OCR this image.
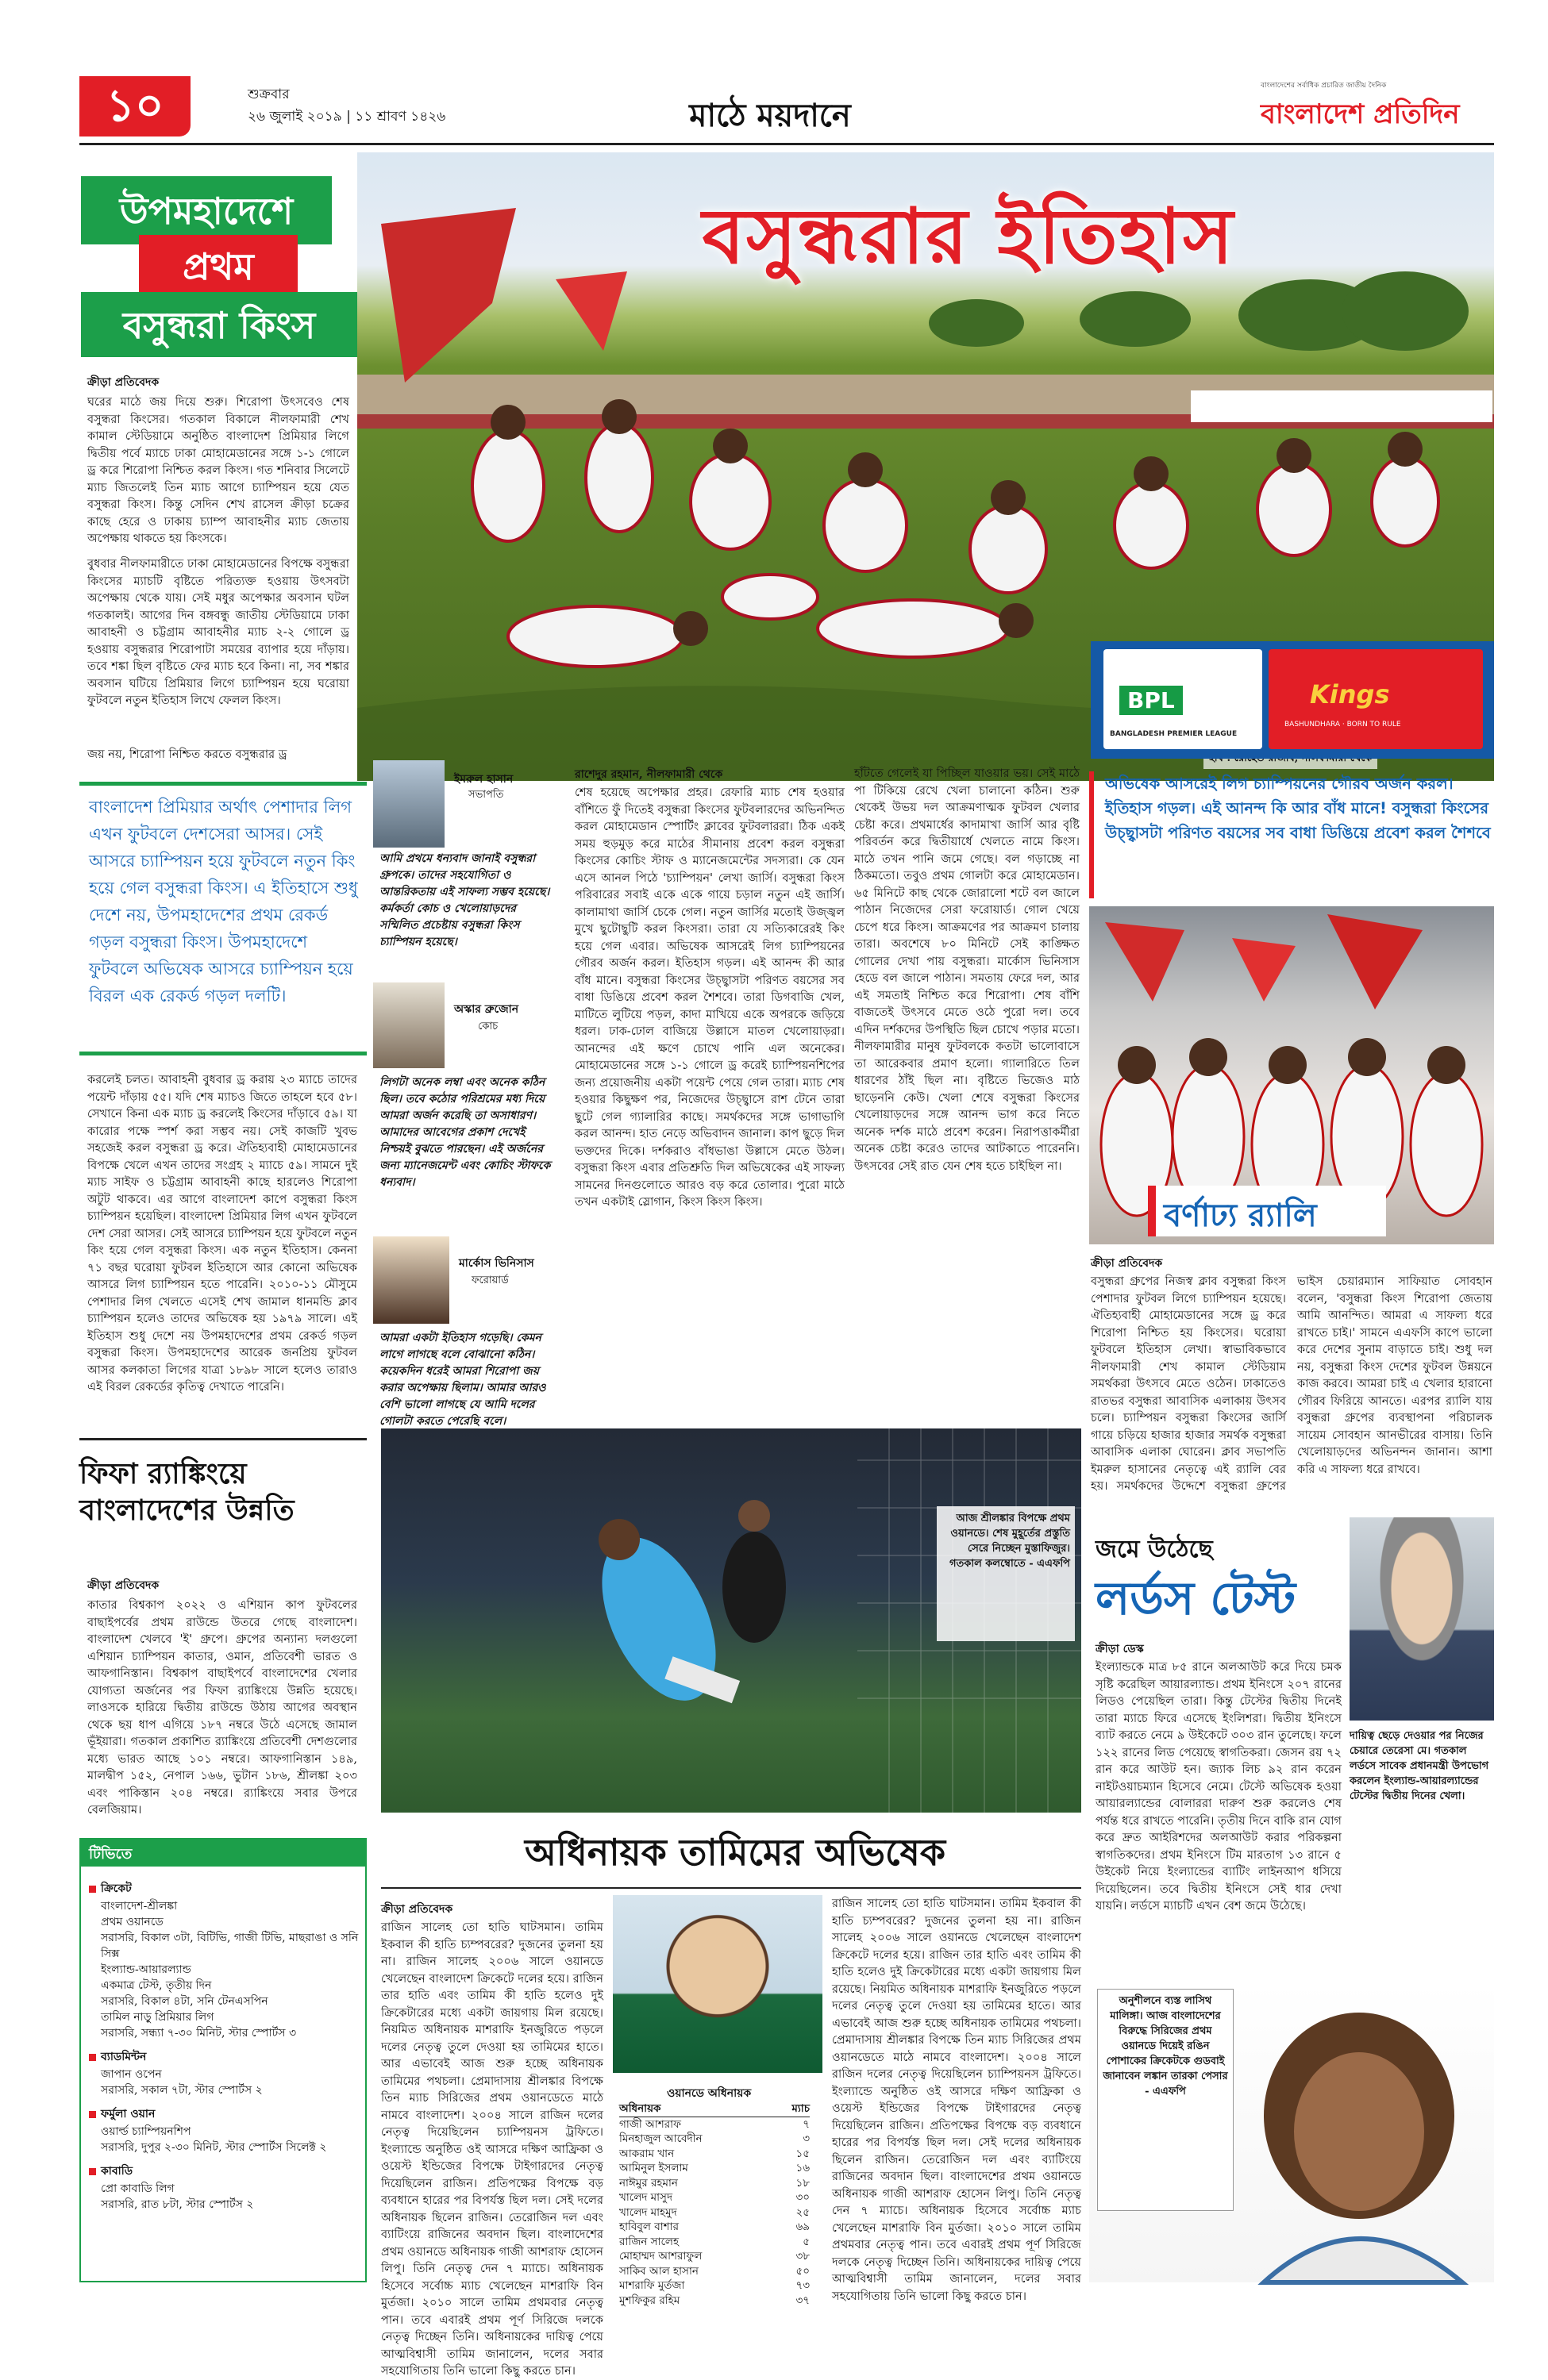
১০	শুক্রবার
২৬ জুলাই ২০১৯ | ১১ শ্রাবণ ১৪২৬	মাঠে ময়দানে
বাংলাদেশের সর্বাধিক প্রচারিত জাতীয় দৈনিক
বাংলাদেশ প্রতিদিন
বসুন্ধরার ইতিহাস
উপমহাদেশে
প্রথম
বসুন্ধরা কিংস
ক্রীড়া প্রতিবেদক
ঘরের মাঠে জয় দিয়ে শুরু। শিরোপা উৎসবেও শেষ বসুন্ধরা কিংসের। গতকাল বিকালে নীলফামারী শেখ কামাল স্টেডিয়ামে অনুষ্ঠিত বাংলাদেশ প্রিমিয়ার লিগে দ্বিতীয় পর্বে ম্যাচে ঢাকা মোহামেডানের সঙ্গে ১-১ গোলে ড্র করে শিরোপা নিশ্চিত করল কিংস। গত শনিবার সিলেটে ম্যাচ জিতলেই তিন ম্যাচ আগে চ্যাম্পিয়ন হয়ে যেত বসুন্ধরা কিংস। কিন্তু সেদিন শেখ রাসেল ক্রীড়া চক্রের কাছে হেরে ও ঢাকায় চ্যাম্প আবাহনীর ম্যাচ জেতায় অপেক্ষায় থাকতে হয় কিংসকে।
বুধবার নীলফামারীতে ঢাকা মোহামেডানের বিপক্ষে বসুন্ধরা কিংসের ম্যাচটি বৃষ্টিতে পরিত্যক্ত হওয়ায় উৎসবটা অপেক্ষায় থেকে যায়। সেই মধুর অপেক্ষার অবসান ঘটল গতকালই। আগের দিন বঙ্গবন্ধু জাতীয় স্টেডিয়ামে ঢাকা আবাহনী ও চট্টগ্রাম আবাহনীর ম্যাচ ২-২ গোলে ড্র হওয়ায় বসুন্ধরার শিরোপাটা সময়ের ব্যাপার হয়ে দাঁড়ায়। তবে শঙ্কা ছিল বৃষ্টিতে ফের ম্যাচ হবে কিনা। না, সব শঙ্কার অবসান ঘটিয়ে প্রিমিয়ার লিগে চ্যাম্পিয়ন হয়ে ঘরোয়া ফুটবলে নতুন ইতিহাস লিখে ফেলল কিংস।
জয় নয়, শিরোপা নিশ্চিত করতে বসুন্ধরার ড্র
বাংলাদেশ প্রিমিয়ার অর্থাৎ পেশাদার লিগ এখন ফুটবলে দেশসেরা আসর। সেই আসরে চ্যাম্পিয়ন হয়ে ফুটবলে নতুন কিং হয়ে গেল বসুন্ধরা কিংস। এ ইতিহাসে শুধু দেশে নয়, উপমহাদেশের প্রথম রেকর্ড গড়ল বসুন্ধরা কিংস। উপমহাদেশে ফুটবলে অভিষেক আসরে চ্যাম্পিয়ন হয়ে বিরল এক রেকর্ড গড়ল দলটি।
করলেই চলত। আবাহনী বুধবার ড্র করায় ২৩ ম্যাচে তাদের পয়েন্ট দাঁড়ায় ৫৫। যদি শেষ ম্যাচও জিতে তাহলে হবে ৫৮। সেখানে কিনা এক ম্যাচ ড্র করলেই কিংসের দাঁড়াবে ৫৯। যা কারোর পক্ষে স্পর্শ করা সম্ভব নয়। সেই কাজটি খুবভ সহজেই করল বসুন্ধরা ড্র করে। ঐতিহ্যবাহী মোহামেডানের বিপক্ষে খেলে এখন তাদের সংগ্রহ ২ ম্যাচে ৫৯। সামনে দুই ম্যাচ সাইফ ও চট্টগ্রাম আবাহনী কাছে হারলেও শিরোপা অটুট থাকবে। এর আগে বাংলাদেশ কাপে বসুন্ধরা কিংস চ্যাম্পিয়ন হয়েছিল। বাংলাদেশ প্রিমিয়ার লিগ এখন ফুটবলে দেশ সেরা আসর। সেই আসরে চ্যাম্পিয়ন হয়ে ফুটবলে নতুন কিং হয়ে গেল বসুন্ধরা কিংস। এক নতুন ইতিহাস। কেননা ৭১ বছর ঘরোয়া ফুটবল ইতিহাসে আর কোনো অভিষেক আসরে লিগ চ্যাম্পিয়ন হতে পারেনি। ২০১০-১১ মৌসুমে পেশাদার লিগ খেলতে এসেই শেখ জামাল ধানমন্ডি ক্লাব চ্যাম্পিয়ন হলেও তাদের অভিষেক হয় ১৯৭৯ সালে। এই ইতিহাস শুধু দেশে নয় উপমহাদেশের প্রথম রেকর্ড গড়ল বসুন্ধরা কিংস। উপমহাদেশের আরেক জনপ্রিয় ফুটবল আসর কলকাতা লিগের যাত্রা ১৮৯৮ সালে হলেও তারাও এই বিরল রেকর্ডের কৃতিত্ব দেখাতে পারেনি।
ইমরুল হাসান
সভাপতি
আমি প্রথমে ধন্যবাদ জানাই বসুন্ধরা গ্রুপকে। তাদের সহযোগিতা ও আন্তরিকতায় এই সাফল্য সম্ভব হয়েছে। কর্মকর্তা কোচ ও খেলোয়াড়দের সম্মিলিত প্রচেষ্টায় বসুন্ধরা কিংস চ্যাম্পিয়ন হয়েছে।
অস্কার ব্রুজোন
কোচ
লিগটা অনেক লম্বা এবং অনেক কঠিন ছিল। তবে কঠোর পরিশ্রমের মধ্য দিয়ে আমরা অর্জন করেছি তা অসাধারণ। আমাদের আবেগের প্রকাশ দেখেই নিশ্চয়ই বুঝতে পারছেন। এই অর্জনের জন্য ম্যানেজমেন্ট এবং কোচিং স্টাফকে ধন্যবাদ।
মার্কোস ভিনিসাস
ফরোয়ার্ড
আমরা একটা ইতিহাস গড়েছি। কেমন লাগে লাগছে বলে বোঝানো কঠিন। কয়েকদিন ধরেই আমরা শিরোপা জয় করার অপেক্ষায় ছিলাম। আমার আরও বেশি ভালো লাগছে যে আমি দলের গোলটা করতে পেরেছি বলে।
রাশেদুর রহমান, নীলফামারী থেকে
শেষ হয়েছে অপেক্ষার প্রহর। রেফারি ম্যাচ শেষ হওয়ার বাঁশিতে ফুঁ দিতেই বসুন্ধরা কিংসের ফুটবলারদের অভিনন্দিত করল মোহামেডান স্পোর্টিং ক্লাবের ফুটবলাররা। ঠিক একই সময় হুড়মুড় করে মাঠের সীমানায় প্রবেশ করল বসুন্ধরা কিংসের কোচিং স্টাফ ও ম্যানেজমেন্টের সদস্যরা। কে যেন এসে আনল পিঠে 'চ্যাম্পিয়ন' লেখা জার্সি। বসুন্ধরা কিংস পরিবারের সবাই একে একে গায়ে চড়াল নতুন এই জার্সি। কালামাথা জার্সি চেকে গেল। নতুন জার্সির মতোই উজ্জ্বল মুখে ছুটোছুটি করল কিংসরা। তারা যে সত্যিকারেরই কিং হয়ে গেল এবার। অভিষেক আসরেই লিগ চ্যাম্পিয়নের গৌরব অর্জন করল। ইতিহাস গড়ল। এই আনন্দ কী আর বাঁধ মানে। বসুন্ধরা কিংসের উচ্ছ্বাসটা পরিণত বয়সের সব বাধা ডিঙিয়ে প্রবেশ করল শৈশবে। তারা ডিগবাজি খেল, মাটিতে লুটিয়ে পড়ল, কাদা মাখিয়ে একে অপরকে জড়িয়ে ধরল। ঢাক-ঢোল বাজিয়ে উল্লাসে মাতল খেলোয়াড়রা। আনন্দের এই ক্ষণে চোখে পানি এল অনেকের। মোহামেডানের সঙ্গে ১-১ গোলে ড্র করেই চ্যাম্পিয়নশিপের জন্য প্রয়োজনীয় একটা পয়েন্ট পেয়ে গেল তারা। ম্যাচ শেষ হওয়ার কিছুক্ষণ পর, নিজেদের উচ্ছ্বাসে রাশ টেনে তারা ছুটে গেল গ্যালারির কাছে। সমর্থকদের সঙ্গে ভাগাভাগি করল আনন্দ। হাত নেড়ে অভিবাদন জানাল। কাপ ছুড়ে দিল ভক্তদের দিকে। দর্শকরাও বাঁধভাঙা উল্লাসে মেতে উঠল। বসুন্ধরা কিংস এবার প্রতিশ্রুতি দিল অভিষেকের এই সাফল্য সামনের দিনগুলোতে আরও বড় করে তোলার। পুরো মাঠে তখন একটাই স্লোগান, কিংস কিংস কিংস।
হাঁটতে গেলেই যা পিচ্ছিল যাওয়ার ভয়। সেই মাঠে পা টিকিয়ে রেখে খেলা চালানো কঠিন। শুরু থেকেই উভয় দল আক্রমণাত্মক ফুটবল খেলার চেষ্টা করে। প্রথমার্ধের কাদামাখা জার্সি আর বৃষ্টি পরিবর্তন করে দ্বিতীয়ার্ধে খেলতে নামে কিংস। মাঠে তখন পানি জমে গেছে। বল গড়াচ্ছে না ঠিকমতো। তবুও প্রথম গোলটা করে মোহামেডান। ৬৫ মিনিটে কাছ থেকে জোরালো শটে বল জালে পাঠান নিজেদের সেরা ফরোয়ার্ড। গোল খেয়ে চেপে ধরে কিংস। আক্রমণের পর আক্রমণ চালায় তারা। অবশেষে ৮০ মিনিটে সেই কাঙ্ক্ষিত গোলের দেখা পায় বসুন্ধরা। মার্কোস ভিনিসাস হেডে বল জালে পাঠান। সমতায় ফেরে দল, আর এই সমতাই নিশ্চিত করে শিরোপা। শেষ বাঁশি বাজতেই উৎসবে মেতে ওঠে পুরো দল। তবে এদিন দর্শকদের উপস্থিতি ছিল চোখে পড়ার মতো। নীলফামারীর মানুষ ফুটবলকে কতটা ভালোবাসে তা আরেকবার প্রমাণ হলো। গ্যালারিতে তিল ধারণের ঠাঁই ছিল না। বৃষ্টিতে ভিজেও মাঠ ছাড়েননি কেউ। খেলা শেষে বসুন্ধরা কিংসের খেলোয়াড়দের সঙ্গে আনন্দ ভাগ করে নিতে অনেক দর্শক মাঠে প্রবেশ করেন। নিরাপত্তাকর্মীরা অনেক চেষ্টা করেও তাদের আটকাতে পারেননি। উৎসবের সেই রাত যেন শেষ হতে চাইছিল না।
BPL
BANGLADESH PREMIER LEAGUE
Kings
BASHUNDHARA · BORN TO RULE
অভিষেক আসরেই লিগ চ্যাম্পিয়নের গৌরব অর্জন করল। ইতিহাস গড়ল। এই আনন্দ কি আর বাঁধ মানে! বসুন্ধরা কিংসের উচ্ছ্বাসটা পরিণত বয়সের সব বাধা ডিঙিয়ে প্রবেশ করল শৈশবে
বর্ণাঢ্য র‍্যালি
ক্রীড়া প্রতিবেদক
বসুন্ধরা গ্রুপের নিজস্ব ক্লাব বসুন্ধরা কিংস পেশাদার ফুটবল লিগে চ্যাম্পিয়ন হয়েছে। ঐতিহ্যবাহী মোহামেডানের সঙ্গে ড্র করে শিরোপা নিশ্চিত হয় কিংসের। ঘরোয়া ফুটবলে ইতিহাস লেখা। স্বাভাবিকভাবে নীলফামারী শেখ কামাল স্টেডিয়াম সমর্থকরা উৎসবে মেতে ওঠেন। ঢাকাতেও রাতভর বসুন্ধরা আবাসিক এলাকায় উৎসব চলে। চ্যাম্পিয়ন বসুন্ধরা কিংসের জার্সি গায়ে চড়িয়ে হাজার হাজার সমর্থক বসুন্ধরা আবাসিক এলাকা ঘোরেন। ক্লাব সভাপতি ইমরুল হাসানের নেতৃত্বে এই র‍্যালি বের হয়। সমর্থকদের উদ্দেশে বসুন্ধরা গ্রুপের ভাইস চেয়ারম্যান সাফিয়াত সোবহান বলেন, 'বসুন্ধরা কিংস শিরোপা জেতায় আমি আনন্দিত। আমরা এ সাফল্য ধরে রাখতে চাই।' সামনে এএফসি কাপে ভালো করে দেশের সুনাম বাড়াতে চাই। শুধু দল নয়, বসুন্ধরা কিংস দেশের ফুটবল উন্নয়নে কাজ করবে। আমরা চাই এ খেলার হারানো গৌরব ফিরিয়ে আনতে। এরপর র‍্যালি যায় বসুন্ধরা গ্রুপের ব্যবস্থাপনা পরিচালক সায়েম সোবহান আনভীরের বাসায়। তিনি খেলোয়াড়দের অভিনন্দন জানান। আশা করি এ সাফল্য ধরে রাখবে।
ফিফা র‍্যাঙ্কিংয়ে বাংলাদেশের উন্নতি
ক্রীড়া প্রতিবেদক
কাতার বিশ্বকাপ ২০২২ ও এশিয়ান কাপ ফুটবলের বাছাইপর্বের প্রথম রাউন্ডে উতরে গেছে বাংলাদেশ। বাংলাদেশ খেলবে 'ই' গ্রুপে। গ্রুপের অন্যান্য দলগুলো এশিয়ান চ্যাম্পিয়ন কাতার, ওমান, প্রতিবেশী ভারত ও আফগানিস্তান। বিশ্বকাপ বাছাইপর্বে বাংলাদেশের খেলার যোগ্যতা অর্জনের পর ফিফা র‍্যাঙ্কিংয়ে উন্নতি হয়েছে। লাওসকে হারিয়ে দ্বিতীয় রাউন্ডে উঠায় আগের অবস্থান থেকে ছয় ধাপ এগিয়ে ১৮৭ নম্বরে উঠে এসেছে জামাল ভূঁইয়ারা। গতকাল প্রকাশিত র‍্যাঙ্কিংয়ে প্রতিবেশী দেশগুলোর মধ্যে ভারত আছে ১০১ নম্বরে। আফগানিস্তান ১৪৯, মালদ্বীপ ১৫২, নেপাল ১৬৬, ভুটান ১৮৬, শ্রীলঙ্কা ২০৩ এবং পাকিস্তান ২০৪ নম্বরে। র‍্যাঙ্কিংয়ে সবার উপরে বেলজিয়াম।
টিভিতে
ক্রিকেট
বাংলাদেশ-শ্রীলঙ্কা
প্রথম ওয়ানডে
সরাসরি, বিকাল ৩টা, বিটিভি, গাজী টিভি, মাছরাঙা ও সনি সিক্স
ইংল্যান্ড-আয়ারল্যান্ড
একমাত্র টেস্ট, তৃতীয় দিন
সরাসরি, বিকাল ৪টা, সনি টেনএসপিন
তামিল নাড়ু প্রিমিয়ার লিগ
সরাসরি, সন্ধ্যা ৭-৩০ মিনিট, স্টার স্পোর্টস ৩
ব্যাডমিন্টন
জাপান ওপেন
সরাসরি, সকাল ৭টা, স্টার স্পোর্টস ২
ফর্মুলা ওয়ান
ওয়ার্ল্ড চ্যাম্পিয়নশিপ
সরাসরি, দুপুর ২-৩০ মিনিট, স্টার স্পোর্টস সিলেক্ট ২
কাবাডি
প্রো কাবাডি লিগ
সরাসরি, রাত ৮টা, স্টার স্পোর্টস ২
আজ শ্রীলঙ্কার বিপক্ষে প্রথম ওয়ানডে। শেষ মুহূর্তের প্রস্তুতি সেরে নিচ্ছেন মুস্তাফিজুর। গতকাল কলম্বোতে - এএফপি
অধিনায়ক তামিমের অভিষেক
ক্রীড়া প্রতিবেদক
রাজিন সালেহ তো হাতি ঘাটসমান। তামিম ইকবাল কী হাতি চ্যম্পবরের? দুজনের তুলনা হয় না। রাজিন সালেহ ২০০৬ সালে ওয়ানডে খেলেছেন বাংলাদেশ ক্রিকেটে দলের হয়ে। রাজিন তার হাতি এবং তামিম কী হাতি হলেও দুই ক্রিকেটারের মধ্যে একটা জায়গায় মিল রয়েছে। নিয়মিত অধিনায়ক মাশরাফি ইনজুরিতে পড়লে দলের নেতৃত্ব তুলে দেওয়া হয় তামিমের হাতে। আর এভাবেই আজ শুরু হচ্ছে অধিনায়ক তামিমের পথচলা। প্রেমাদাসায় শ্রীলঙ্কার বিপক্ষে তিন ম্যাচ সিরিজের প্রথম ওয়ানডেতে মাঠে নামবে বাংলাদেশ। ২০০৪ সালে রাজিন দলের নেতৃত্ব দিয়েছিলেন চ্যাম্পিয়নস ট্রফিতে। ইংল্যান্ডে অনুষ্ঠিত ওই আসরে দক্ষিণ আফ্রিকা ও ওয়েস্ট ইন্ডিজের বিপক্ষে টাইগারদের নেতৃত্ব দিয়েছিলেন রাজিন। প্রতিপক্ষের বিপক্ষে বড় ব্যবধানে হারের পর বিপর্যস্ত ছিল দল। সেই দলের অধিনায়ক ছিলেন রাজিন। তেরোজিন দল এবং ব্যাটিংয়ে রাজিনের অবদান ছিল। বাংলাদেশের প্রথম ওয়ানডে অধিনায়ক গাজী আশরাফ হোসেন লিপু। তিনি নেতৃত্ব দেন ৭ ম্যাচে। অধিনায়ক হিসেবে সর্বোচ্চ ম্যাচ খেলেছেন মাশরাফি বিন মুর্তজা। ২০১০ সালে তামিম প্রথমবার নেতৃত্ব পান। তবে এবারই প্রথম পূর্ণ সিরিজে দলকে নেতৃত্ব দিচ্ছেন তিনি। অধিনায়কের দায়িত্ব পেয়ে আত্মবিশ্বাসী তামিম জানালেন, দলের সবার সহযোগিতায় তিনি ভালো কিছু করতে চান।
ওয়ানডে অধিনায়ক
অধিনায়ক	ম্যাচ
গাজী আশরাফ	৭
মিনহাজুল আবেদীন	৩
আকরাম খান	১৫
আমিনুল ইসলাম	১৬
নাঈমুর রহমান	১৮
খালেদ মাসুদ	৩০
খালেদ মাহমুদ	২৫
হাবিবুল বাশার	৬৯
রাজিন সালেহ	৫
মোহাম্মদ আশরাফুল	৩৮
সাকিব আল হাসান	৫০
মাশরাফি মুর্তজা	৭৩
মুশফিকুর রহিম	৩৭
রাজিন সালেহ তো হাতি ঘাটসমান। তামিম ইকবাল কী হাতি চ্যম্পবরের? দুজনের তুলনা হয় না। রাজিন সালেহ ২০০৬ সালে ওয়ানডে খেলেছেন বাংলাদেশ ক্রিকেটে দলের হয়ে। রাজিন তার হাতি এবং তামিম কী হাতি হলেও দুই ক্রিকেটারের মধ্যে একটা জায়গায় মিল রয়েছে। নিয়মিত অধিনায়ক মাশরাফি ইনজুরিতে পড়লে দলের নেতৃত্ব তুলে দেওয়া হয় তামিমের হাতে। আর এভাবেই আজ শুরু হচ্ছে অধিনায়ক তামিমের পথচলা। প্রেমাদাসায় শ্রীলঙ্কার বিপক্ষে তিন ম্যাচ সিরিজের প্রথম ওয়ানডেতে মাঠে নামবে বাংলাদেশ। ২০০৪ সালে রাজিন দলের নেতৃত্ব দিয়েছিলেন চ্যাম্পিয়নস ট্রফিতে। ইংল্যান্ডে অনুষ্ঠিত ওই আসরে দক্ষিণ আফ্রিকা ও ওয়েস্ট ইন্ডিজের বিপক্ষে টাইগারদের নেতৃত্ব দিয়েছিলেন রাজিন। প্রতিপক্ষের বিপক্ষে বড় ব্যবধানে হারের পর বিপর্যস্ত ছিল দল। সেই দলের অধিনায়ক ছিলেন রাজিন। তেরোজিন দল এবং ব্যাটিংয়ে রাজিনের অবদান ছিল। বাংলাদেশের প্রথম ওয়ানডে অধিনায়ক গাজী আশরাফ হোসেন লিপু। তিনি নেতৃত্ব দেন ৭ ম্যাচে। অধিনায়ক হিসেবে সর্বোচ্চ ম্যাচ খেলেছেন মাশরাফি বিন মুর্তজা। ২০১০ সালে তামিম প্রথমবার নেতৃত্ব পান। তবে এবারই প্রথম পূর্ণ সিরিজে দলকে নেতৃত্ব দিচ্ছেন তিনি। অধিনায়কের দায়িত্ব পেয়ে আত্মবিশ্বাসী তামিম জানালেন, দলের সবার সহযোগিতায় তিনি ভালো কিছু করতে চান।
জমে উঠেছে
লর্ডস টেস্ট
ক্রীড়া ডেস্ক
ইংল্যান্ডকে মাত্র ৮৫ রানে অলআউট করে দিয়ে চমক সৃষ্টি করেছিল আয়ারল্যান্ড। প্রথম ইনিংসে ২০৭ রানের লিডও পেয়েছিল তারা। কিন্তু টেস্টের দ্বিতীয় দিনেই তারা ম্যাচে ফিরে এসেছে ইংলিশরা। দ্বিতীয় ইনিংসে ব্যাট করতে নেমে ৯ উইকেটে ৩০৩ রান তুলেছে। ফলে ১২২ রানের লিড পেয়েছে স্বাগতিকরা। জেসন রয় ৭২ রান করে আউট হন। জ্যাক লিচ ৯২ রান করেন নাইটওয়াচম্যান হিসেবে নেমে। টেস্টে অভিষেক হওয়া আয়ারল্যান্ডের বোলাররা দারুণ শুরু করলেও শেষ পর্যন্ত ধরে রাখতে পারেনি। তৃতীয় দিনে বাকি রান যোগ করে দ্রুত আইরিশদের অলআউট করার পরিকল্পনা স্বাগতিকদের। প্রথম ইনিংসে টিম মারতাগ ১৩ রানে ৫ উইকেট নিয়ে ইংল্যান্ডের ব্যাটিং লাইনআপ ধসিয়ে দিয়েছিলেন। তবে দ্বিতীয় ইনিংসে সেই ধার দেখা যায়নি। লর্ডসে ম্যাচটি এখন বেশ জমে উঠেছে।
দায়িত্ব ছেড়ে দেওয়ার পর নিজের চেয়ারে তেরেসা মে। গতকাল লর্ডসে সাবেক প্রধানমন্ত্রী উপভোগ করলেন ইংল্যান্ড-আয়ারল্যান্ডের টেস্টের দ্বিতীয় দিনের খেলা।
অনুশীলনে ব্যস্ত লাসিথ মালিঙ্গা। আজ বাংলাদেশের বিরুদ্ধে সিরিজের প্রথম ওয়ানডে দিয়েই রঙিন পোশাকের ক্রিকেটকে গুডবাই জানাবেন লঙ্কান তারকা পেসার - এএফপি
